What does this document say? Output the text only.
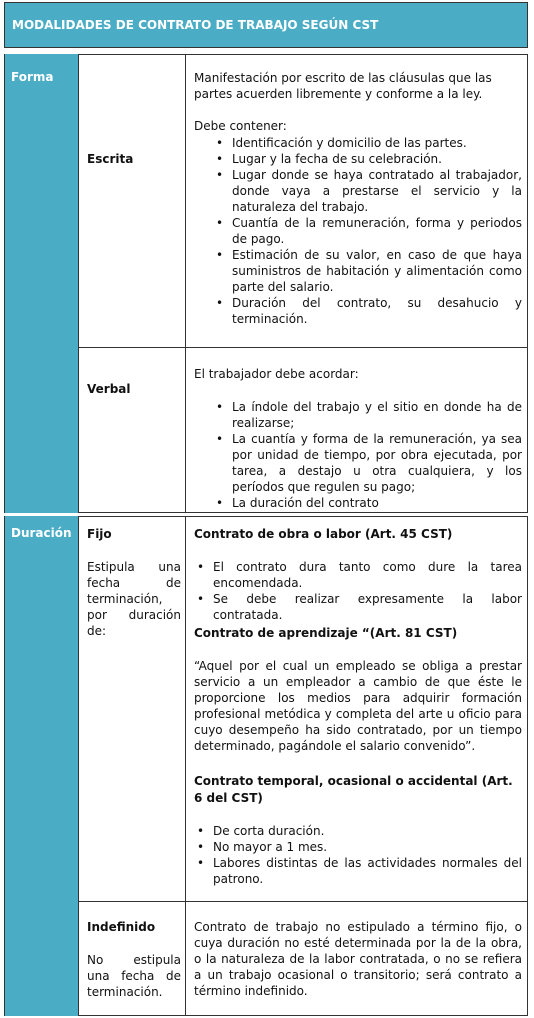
MODALIDADES DE CONTRATO DE TRABAJO SEGÚN CST
Forma
Escrita
Manifestación por escrito de las cláusulas que las partes acuerden libremente y conforme a la ley.
Debe contener:
• Identificación y domicilio de las partes.
• Lugar y la fecha de su celebración.
• Lugar donde se haya contratado al trabajador, donde vaya a prestarse el servicio y la naturaleza del trabajo.
• Cuantía de la remuneración, forma y periodos de pago.
• Estimación de su valor, en caso de que haya suministros de habitación y alimentación como parte del salario.
• Duración del contrato, su desahucio y terminación.
Verbal
El trabajador debe acordar:
• La índole del trabajo y el sitio en donde ha de realizarse;
• La cuantía y forma de la remuneración, ya sea por unidad de tiempo, por obra ejecutada, por tarea, a destajo u otra cualquiera, y los períodos que regulen su pago;
• La duración del contrato
Duración Fijo
Estipula una fecha de terminación, por duración de:
Contrato de obra o labor (Art. 45 CST)
• El contrato dura tanto como dure la tarea encomendada.
• Se debe realizar expresamente la labor contratada.
Contrato de aprendizaje “(Art. 81 CST)
“Aquel por el cual un empleado se obliga a prestar servicio a un empleador a cambio de que éste le proporcione los medios para adquirir formación profesional metódica y completa del arte u oficio para cuyo desempeño ha sido contratado, por un tiempo determinado, pagándole el salario convenido”.
Contrato temporal, ocasional o accidental (Art. 6 del CST)
• De corta duración.
• No mayor a 1 mes.
• Labores distintas de las actividades normales del patrono.
Indefinido
No estipula una fecha de terminación.
Contrato de trabajo no estipulado a término fijo, o cuya duración no esté determinada por la de la obra, o la naturaleza de la labor contratada, o no se refiera a un trabajo ocasional o transitorio; será contrato a término indefinido.
